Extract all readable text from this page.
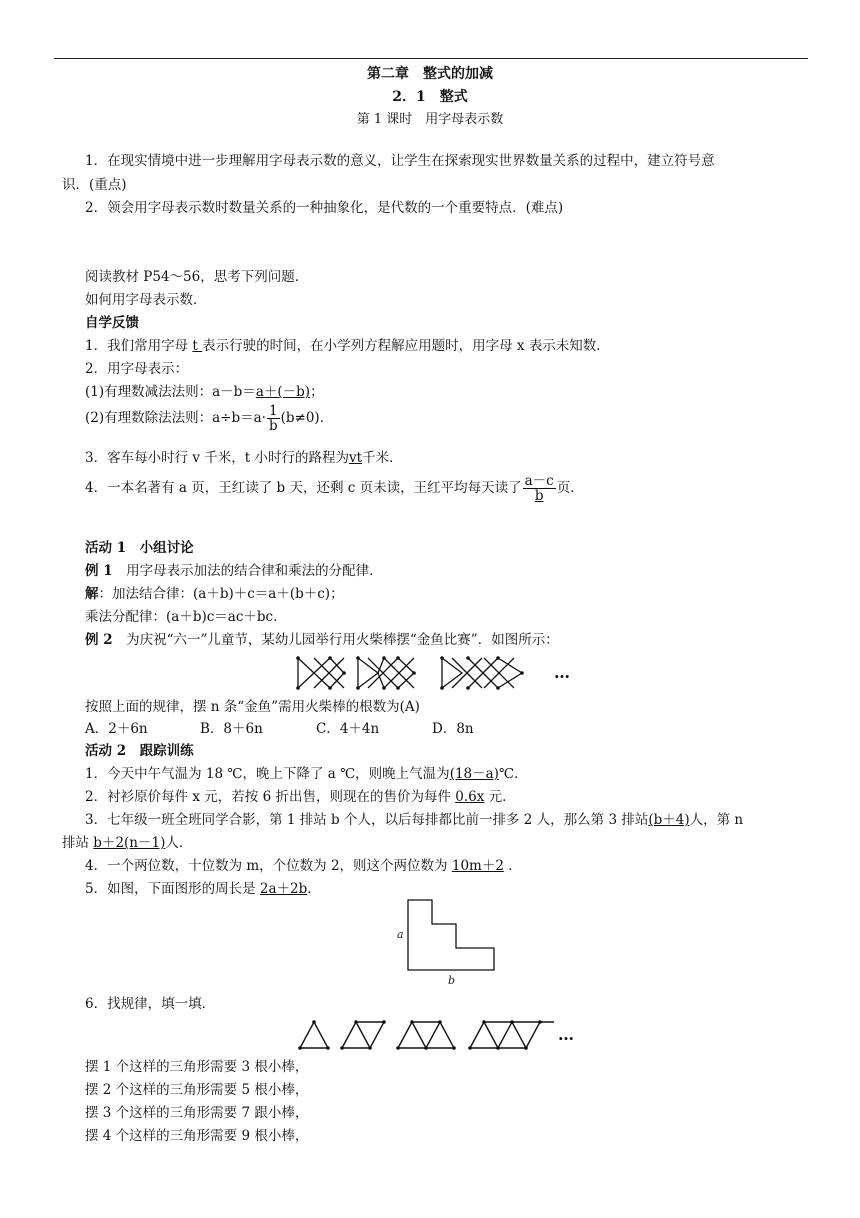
第二章　整式的加减
2．1　整式
第 1 课时　用字母表示数
1．在现实情境中进一步理解用字母表示数的意义，让学生在探索现实世界数量关系的过程中，建立符号意
识．(重点)
2．领会用字母表示数时数量关系的一种抽象化，是代数的一个重要特点．(难点)
阅读教材 P54～56，思考下列问题．
如何用字母表示数．
自学反馈
1．我们常用字母 t 表示行驶的时间，在小学列方程解应用题时，用字母 x 表示未知数．
2．用字母表示：
(1)有理数减法法则：a－b＝a＋(－b)；
(2)有理数除法法则：$a\div b=a\cdot \frac{1}{b} (b\ne 0)$．
3．客车每小时行 v 千米，t 小时行的路程为vt千米．
4．一本名著有 a 页，王红读了 b 天，还剩 c 页未读，王红平均每天读了 $\frac{a-c}{b}$ 页．
活动 1　小组讨论
例 1　用字母表示加法的结合律和乘法的分配律．
解：加法结合律：(a＋b)＋c＝a＋(b＋c)；
乘法分配律：(a＋b)c＝ac＋bc．
例 2　为庆祝“六一”儿童节，某幼儿园举行用火柴棒摆“金鱼比赛”．如图所示：
…
按照上面的规律，摆 n 条“金鱼”需用火柴棒的根数为(A)
A．2＋6n	B．8＋6n	C．4＋4n	D．8n
活动 2　跟踪训练
1．今天中午气温为 18 ℃，晚上下降了 a ℃，则晚上气温为(18－a)℃．
2．衬衫原价每件 x 元，若按 6 折出售，则现在的售价为每件 0.6x 元．
3．七年级一班全班同学合影，第 1 排站 b 个人，以后每排都比前一排多 2 人，那么第 3 排站(b＋4)人，第 n
排站 b＋2(n－1)人．
4．一个两位数，十位数为 m，个位数为 2，则这个两位数为 10m＋2 ．
5．如图，下面图形的周长是 2a＋2b．
a
b
6．找规律，填一填．
…
摆 1 个这样的三角形需要 3 根小棒，
摆 2 个这样的三角形需要 5 根小棒，
摆 3 个这样的三角形需要 7 跟小棒，
摆 4 个这样的三角形需要 9 根小棒，
